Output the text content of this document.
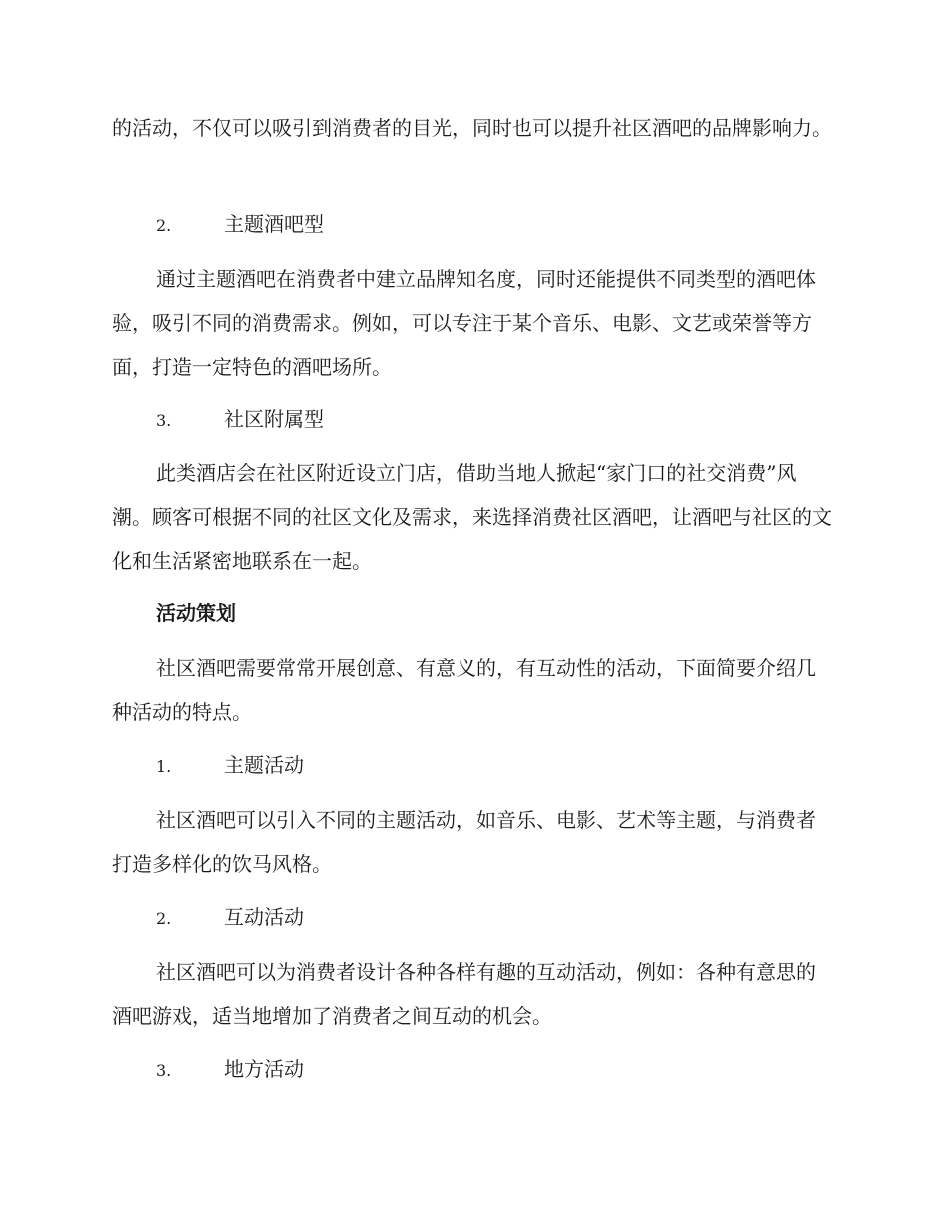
的活动，不仅可以吸引到消费者的目光，同时也可以提升社区酒吧的品牌影响力。

2.	主题酒吧型

通过主题酒吧在消费者中建立品牌知名度，同时还能提供不同类型的酒吧体验，吸引不同的消费需求。例如，可以专注于某个音乐、电影、文艺或荣誉等方面，打造一定特色的酒吧场所。

3.	社区附属型

此类酒店会在社区附近设立门店，借助当地人掀起“家门口的社交消费”风潮。顾客可根据不同的社区文化及需求，来选择消费社区酒吧，让酒吧与社区的文化和生活紧密地联系在一起。

活动策划

社区酒吧需要常常开展创意、有意义的，有互动性的活动，下面简要介绍几种活动的特点。

1.	主题活动

社区酒吧可以引入不同的主题活动，如音乐、电影、艺术等主题，与消费者打造多样化的饮马风格。

2.	互动活动

社区酒吧可以为消费者设计各种各样有趣的互动活动，例如：各种有意思的酒吧游戏，适当地增加了消费者之间互动的机会。

3.	地方活动
